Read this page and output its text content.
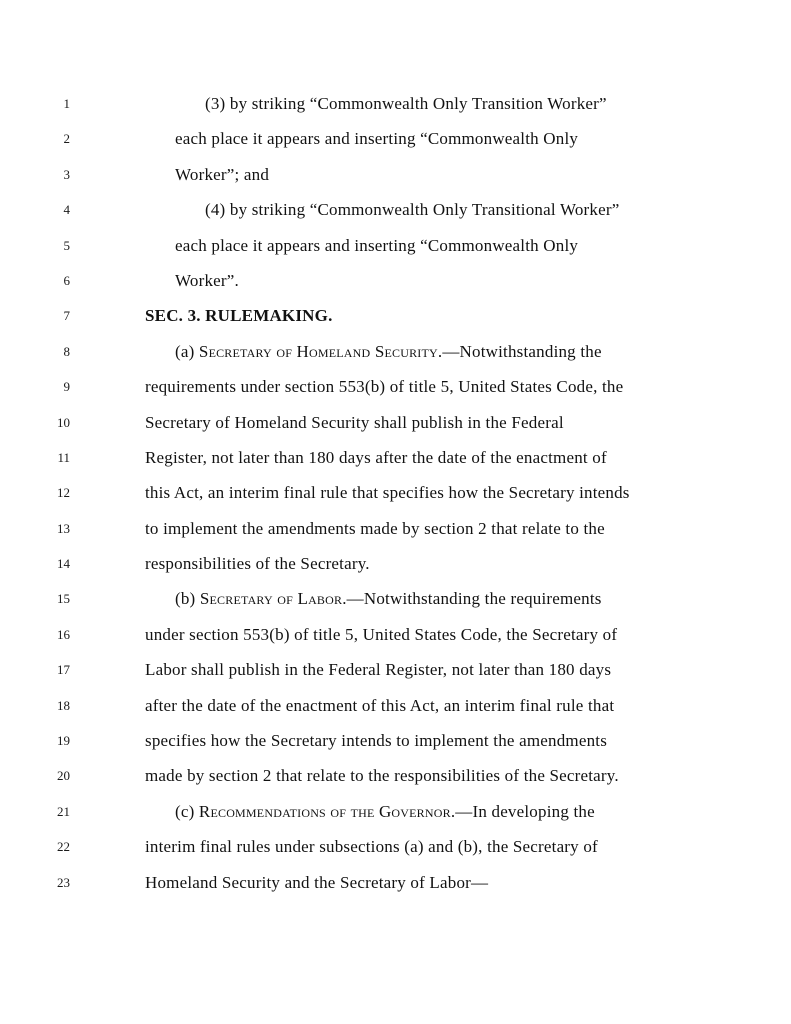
1	(3) by striking “Commonwealth Only Transition Worker”
2	each place it appears and inserting “Commonwealth Only
3	Worker”; and
4	(4) by striking “Commonwealth Only Transitional Worker”
5	each place it appears and inserting “Commonwealth Only
6	Worker”.
7	SEC. 3. RULEMAKING.
8	(a) Secretary of Homeland Security.—Notwithstanding the
9	requirements under section 553(b) of title 5, United States Code, the
10	Secretary of Homeland Security shall publish in the Federal
11	Register, not later than 180 days after the date of the enactment of
12	this Act, an interim final rule that specifies how the Secretary intends
13	to implement the amendments made by section 2 that relate to the
14	responsibilities of the Secretary.
15	(b) Secretary of Labor.—Notwithstanding the requirements
16	under section 553(b) of title 5, United States Code, the Secretary of
17	Labor shall publish in the Federal Register, not later than 180 days
18	after the date of the enactment of this Act, an interim final rule that
19	specifies how the Secretary intends to implement the amendments
20	made by section 2 that relate to the responsibilities of the Secretary.
21	(c) Recommendations of the Governor.—In developing the
22	interim final rules under subsections (a) and (b), the Secretary of
23	Homeland Security and the Secretary of Labor—
